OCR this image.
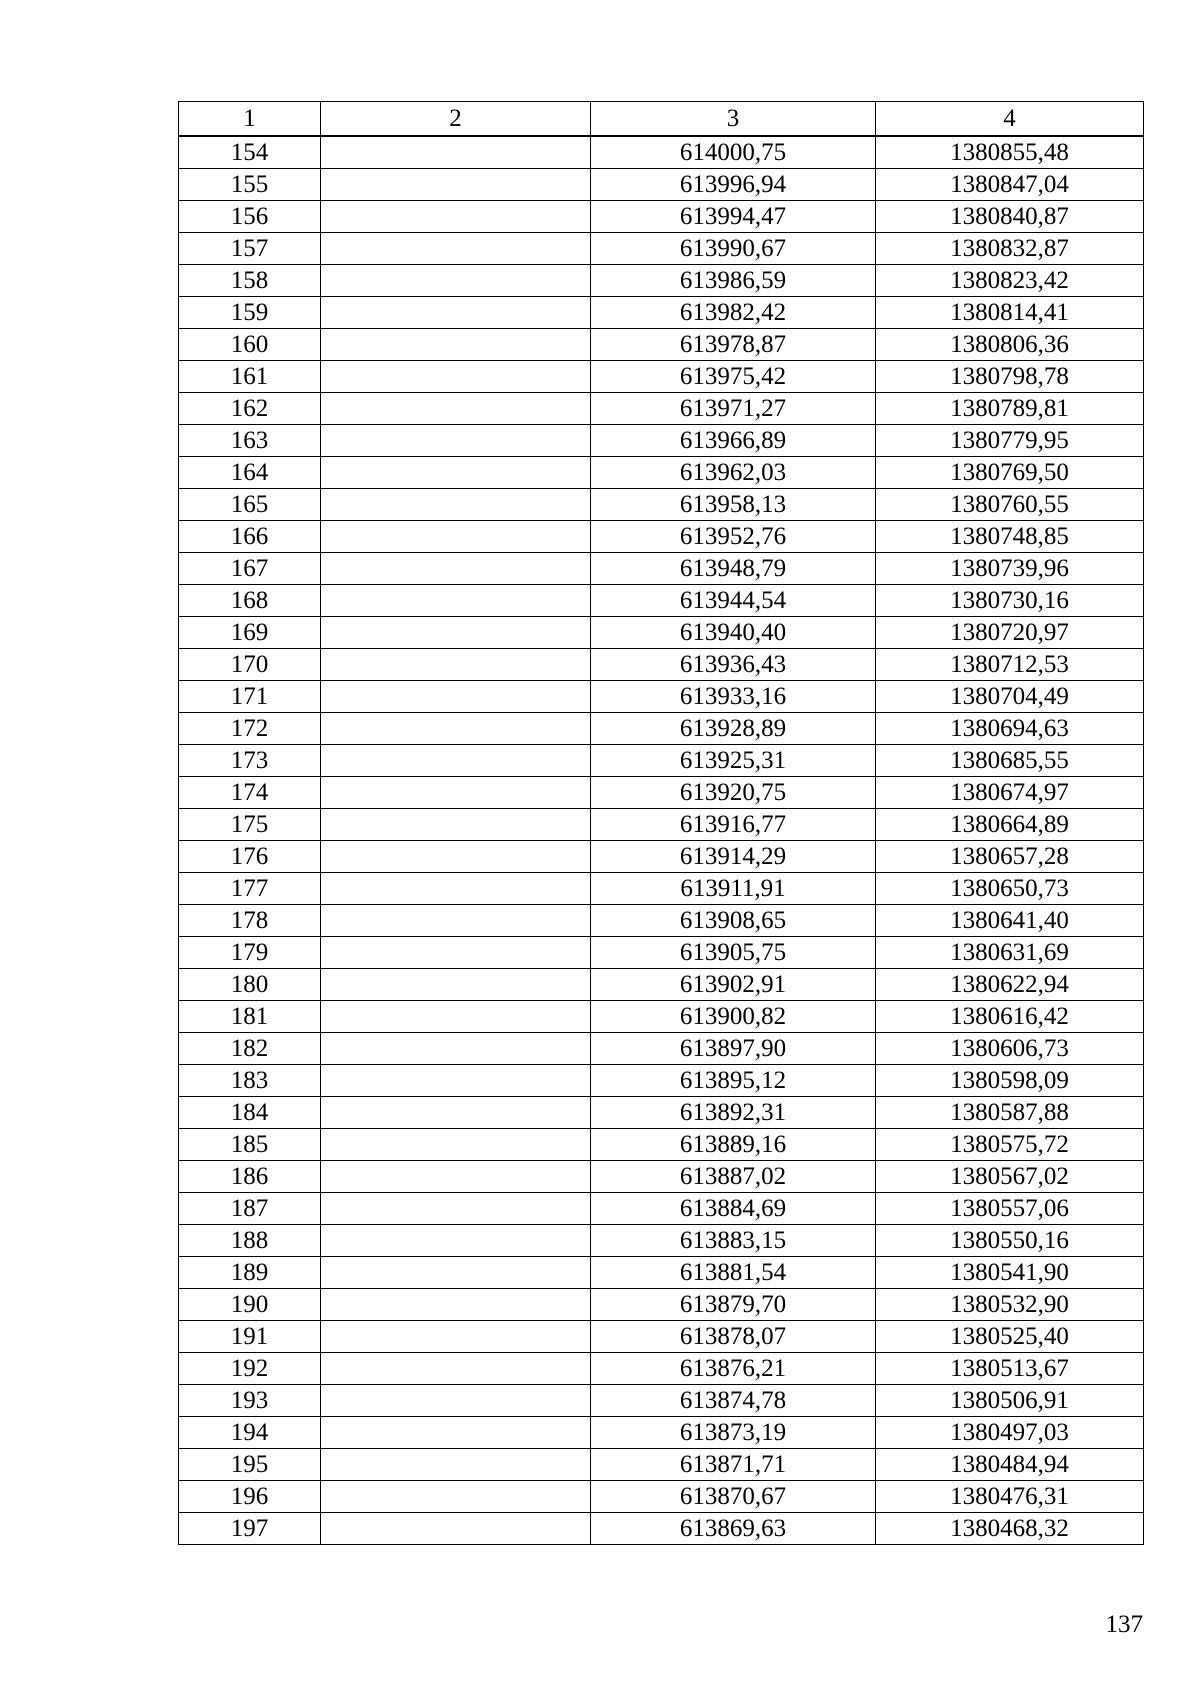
1	2	3	4
154		614000,75	1380855,48
155		613996,94	1380847,04
156		613994,47	1380840,87
157		613990,67	1380832,87
158		613986,59	1380823,42
159		613982,42	1380814,41
160		613978,87	1380806,36
161		613975,42	1380798,78
162		613971,27	1380789,81
163		613966,89	1380779,95
164		613962,03	1380769,50
165		613958,13	1380760,55
166		613952,76	1380748,85
167		613948,79	1380739,96
168		613944,54	1380730,16
169		613940,40	1380720,97
170		613936,43	1380712,53
171		613933,16	1380704,49
172		613928,89	1380694,63
173		613925,31	1380685,55
174		613920,75	1380674,97
175		613916,77	1380664,89
176		613914,29	1380657,28
177		613911,91	1380650,73
178		613908,65	1380641,40
179		613905,75	1380631,69
180		613902,91	1380622,94
181		613900,82	1380616,42
182		613897,90	1380606,73
183		613895,12	1380598,09
184		613892,31	1380587,88
185		613889,16	1380575,72
186		613887,02	1380567,02
187		613884,69	1380557,06
188		613883,15	1380550,16
189		613881,54	1380541,90
190		613879,70	1380532,90
191		613878,07	1380525,40
192		613876,21	1380513,67
193		613874,78	1380506,91
194		613873,19	1380497,03
195		613871,71	1380484,94
196		613870,67	1380476,31
197		613869,63	1380468,32
137
